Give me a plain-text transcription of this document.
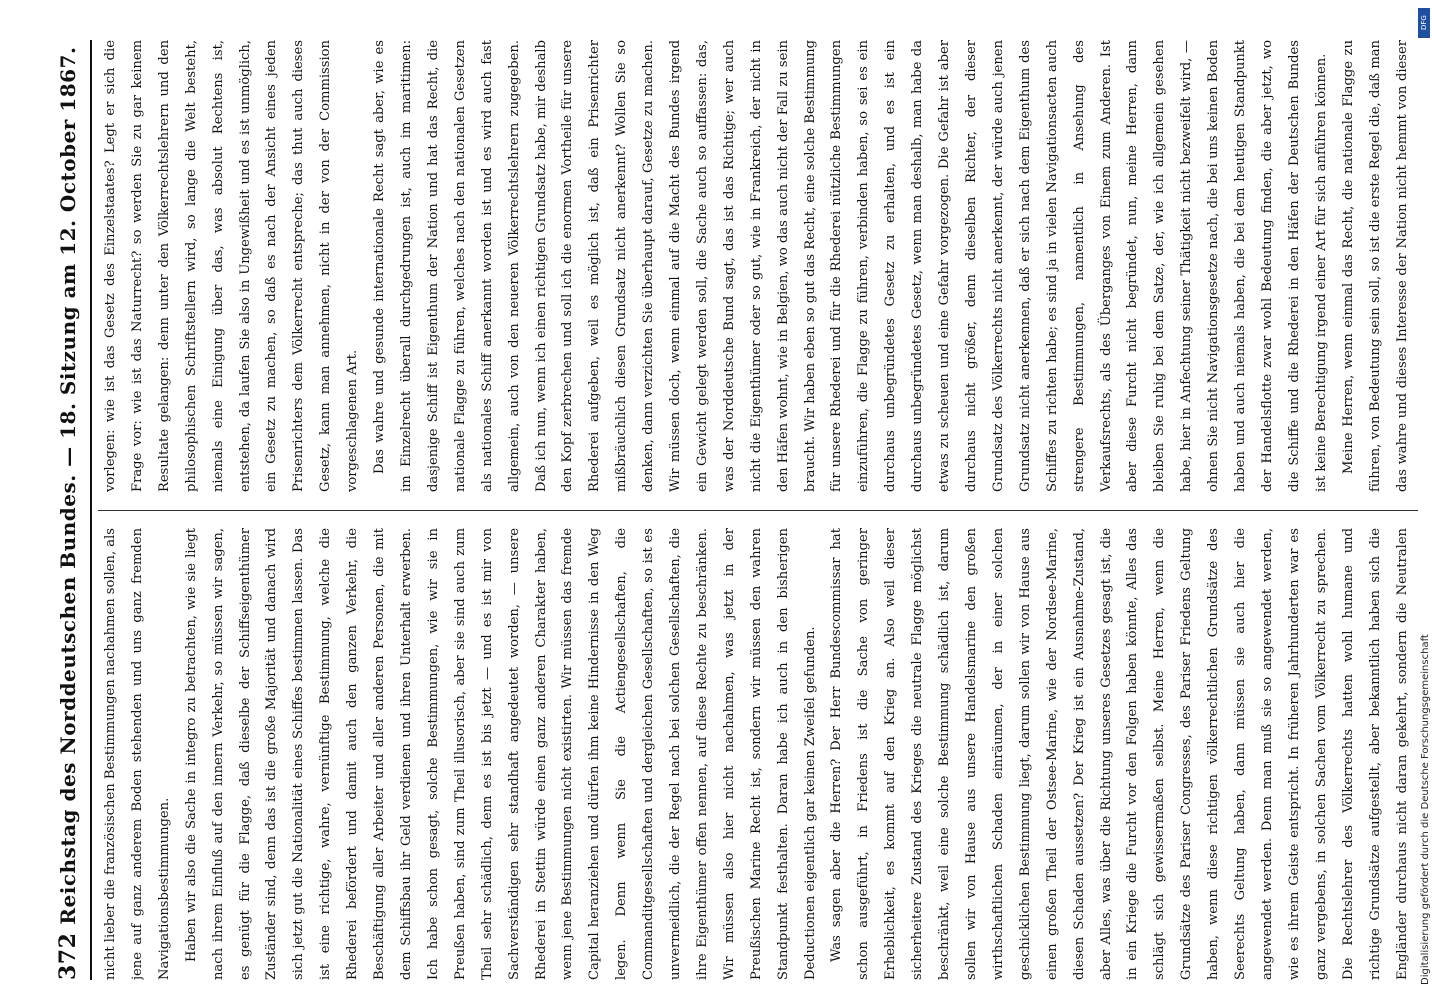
372
Reichstag des Norddeutschen Bundes. — 18. Sitzung am 12. October 1867.

nicht lieber die französischen Bestimmungen nachahmen sollen, als jene auf ganz anderem Boden stehenden und uns ganz fremden Navigationsbestimmungen. Haben wir also die Sache in integro zu betrachten, wie sie liegt nach ihrem Einfluß auf den innern Verkehr, so müssen wir sagen, es genügt für die Flagge, daß dieselbe der Schiffseigenthümer Zuständer sind, denn das ist die große Majorität und danach wird sich jetzt gut die Nationalität eines Schiffes bestimmen lassen. Das ist eine richtige, wahre, vernünftige Bestimmung, welche die Rhederei befördert und damit auch den ganzen Verkehr, die Beschäftigung aller Arbeiter und aller anderen Personen, die mit dem Schiffsbau ihr Geld verdienen und ihren Unterhalt erwerben. Ich habe schon gesagt, solche Bestimmungen, wie wir sie in Preußen haben, sind zum Theil illusorisch, aber sie sind auch zum Theil sehr schädlich, denn es ist bis jetzt — und es ist mir von Sachverständigen sehr standhaft angedeutet worden, — unsere Rhederei in Stettin würde einen ganz anderen Charakter haben, wenn jene Bestimmungen nicht existirten. Wir müssen das fremde Capital heranziehen und dürfen ihm keine Hindernisse in den Weg legen. Denn wenn Sie die Actiengesellschaften, die Commanditgesellschaften und dergleichen Gesellschaften, so ist es unvermeidlich, die der Regel nach bei solchen Gesellschaften, die ihre Eigenthümer offen nennen, auf diese Rechte zu beschränken. Wir müssen also hier nicht nachahmen, was jetzt in der Preußischen Marine Recht ist, sondern wir müssen den wahren Standpunkt festhalten. Daran habe ich auch in den bisherigen Deductionen eigentlich gar keinen Zweifel gefunden. Was sagen aber die Herren? Der Herr Bundescommissar hat schon ausgeführt, in Friedens ist die Sache von geringer Erheblichkeit, es kommt auf den Krieg an. Also weil dieser sicherheitere Zustand des Krieges die neutrale Flagge möglichst beschränkt, weil eine solche Bestimmung schädlich ist, darum sollen wir von Hause aus unsere Handelsmarine den großen wirthschaftlichen Schaden einräumen, der in einer solchen geschicklichen Bestimmung liegt, darum sollen wir von Hause aus einen großen Theil der Ostsee-Marine, wie der Nordsee-Marine, diesen Schaden aussetzen? Der Krieg ist ein Ausnahme-Zustand, aber Alles, was über die Richtung unseres Gesetzes gesagt ist, die in ein Kriege die Furcht vor den Folgen haben könnte, Alles das schlägt sich gewissermaßen selbst. Meine Herren, wenn die Grundsätze des Pariser Congresses, des Pariser Friedens Geltung haben, wenn diese richtigen völkerrechtlichen Grundsätze des Seerechts Geltung haben, dann müssen sie auch hier die angewendet werden. Denn man muß sie so angewendet werden, wie es ihrem Geiste entspricht. In früheren Jahrhunderten war es ganz vergebens, in solchen Sachen vom Völkerrecht zu sprechen. Die Rechtslehrer des Völkerrechts hatten wohl humane und richtige Grundsätze aufgestellt, aber bekanntlich haben sich die Engländer durchaus nicht daran gekehrt, sondern die Neutralen

vorlegen: wie ist das Gesetz des Einzelstaates? Legt er sich die Frage vor: wie ist das Naturrecht? so werden Sie zu gar keinem Resultate gelangen: denn unter den Völkerrechtslehrern und den philosophischen Schriftstellern wird, so lange die Welt besteht, niemals eine Einigung über das, was absolut Rechtens ist, entstehen, da laufen Sie also in Ungewißheit und es ist unmöglich, ein Gesetz zu machen, so daß es nach der Ansicht eines jeden Prisenrichters dem Völkerrecht entspreche; das thut auch dieses Gesetz, kann man annehmen, nicht in der von der Commission vorgeschlagenen Art. Das wahre und gesunde internationale Recht sagt aber, wie es im Einzelrecht überall durchgedrungen ist, auch im maritimen: dasjenige Schiff ist Eigenthum der Nation und hat das Recht, die nationale Flagge zu führen, welches nach den nationalen Gesetzen als nationales Schiff anerkannt worden ist und es wird auch fast allgemein, auch von den neueren Völkerrechtslehrern zugegeben. Daß ich nun, wenn ich einen richtigen Grundsatz habe, mir deshalb den Kopf zerbrechen und soll ich die enormen Vortheile für unsere Rhederei aufgeben, weil es möglich ist, daß ein Prisenrichter mißbräuchlich diesen Grundsatz nicht anerkennt? Wollen Sie so denken, dann verzichten Sie überhaupt darauf, Gesetze zu machen. Wir müssen doch, wenn einmal auf die Macht des Bundes irgend ein Gewicht gelegt werden soll, die Sache auch so auffassen: das, was der Norddeutsche Bund sagt, das ist das Richtige; wer auch nicht die Eigenthümer oder so gut, wie in Frankreich, der nicht in den Häfen wohnt, wie in Belgien, wo das auch nicht der Fall zu sein braucht. Wir haben eben so gut das Recht, eine solche Bestimmung für unsere Rhederei und für die Rhederei nützliche Bestimmungen einzuführen, die Flagge zu führen, verbinden haben, so sei es ein durchaus unbegründetes Gesetz zu erhalten, und es ist ein durchaus unbegründetes Gesetz, wenn man deshalb, man habe da etwas zu scheuen und eine Gefahr vorgezogen. Die Gefahr ist aber durchaus nicht größer, denn dieselben Richter, der dieser Grundsatz des Völkerrechts nicht anerkennt, der würde auch jenen Grundsatz nicht anerkennen, daß er sich nach dem Eigenthum des Schiffes zu richten habe; es sind ja in vielen Navigationsacten auch strengere Bestimmungen, namentlich in Ansehung des Verkaufsrechts, als des Überganges von Einem zum Anderen. Ist aber diese Furcht nicht begründet, nun, meine Herren, dann bleiben Sie ruhig bei dem Satze, der, wie ich allgemein gesehen habe, hier in Anfechtung seiner Thätigkeit nicht bezweifelt wird, — ohnen Sie nicht Navigationsgesetze nach, die bei uns keinen Boden haben und auch niemals haben, die bei dem heutigen Standpunkt der Handelsflotte zwar wohl Bedeutung finden, die aber jetzt, wo die Schiffe und die Rhederei in den Häfen der Deutschen Bundes ist keine Berechtigung irgend einer Art für sich anführen können. Meine Herren, wenn einmal das Recht, die nationale Flagge zu führen, von Bedeutung sein soll, so ist die erste Regel die, daß man das wahre und dieses Interesse der Nation nicht hemmt von dieser

DFG
Digitalisierung gefördert durch die Deutsche Forschungsgemeinschaft
